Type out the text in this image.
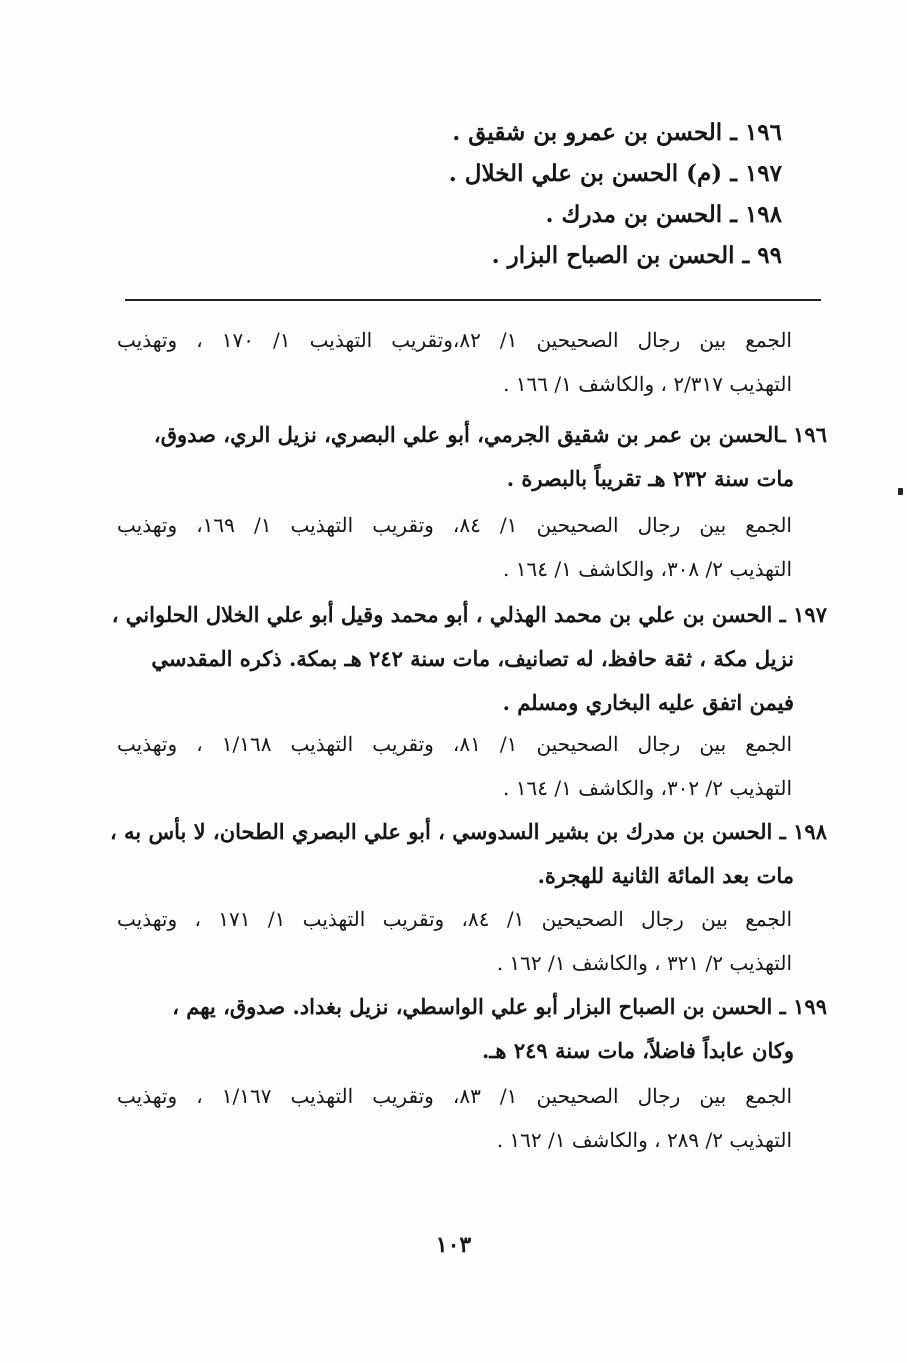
١٩٦ ـ الحسن بن عمرو بن شقيق .
١٩٧ ـ (م) الحسن بن علي الخلال .
١٩٨ ـ الحسن بن مدرك .
٩٩ ـ الحسن بن الصباح البزار .
الجمع بين رجال الصحيحين ١/ ٨٢،وتقريب التهذيب ١/ ١٧٠ ، وتهذيب
التهذيب ٢/٣١٧ ، والكاشف ١/ ١٦٦ .
١٩٦ ـالحسن بن عمر بن شقيق الجرمي، أبو علي البصري، نزيل الري، صدوق،
مات سنة ٢٣٢ هـ تقريباً بالبصرة .
الجمع بين رجال الصحيحين ١/ ٨٤، وتقريب التهذيب ١/ ١٦٩، وتهذيب
التهذيب ٢/ ٣٠٨، والكاشف ١/ ١٦٤ .
١٩٧ ـ الحسن بن علي بن محمد الهذلي ، أبو محمد وقيل أبو علي الخلال الحلواني ،
نزيل مكة ، ثقة حافظ، له تصانيف، مات سنة ٢٤٢ هـ بمكة. ذكره المقدسي
فيمن اتفق عليه البخاري ومسلم .
الجمع بين رجال الصحيحين ١/ ٨١، وتقريب التهذيب ١/١٦٨ ، وتهذيب
التهذيب ٢/ ٣٠٢، والكاشف ١/ ١٦٤ .
١٩٨ ـ الحسن بن مدرك بن بشير السدوسي ، أبو علي البصري الطحان، لا بأس به ،
مات بعد المائة الثانية للهجرة.
الجمع بين رجال الصحيحين ١/ ٨٤، وتقريب التهذيب ١/ ١٧١ ، وتهذيب
التهذيب ٢/ ٣٢١ ، والكاشف ١/ ١٦٢ .
١٩٩ ـ الحسن بن الصباح البزار أبو علي الواسطي، نزيل بغداد. صدوق، يهم ،
وكان عابداً فاضلاً، مات سنة ٢٤٩ هـ.
الجمع بين رجال الصحيحين ١/ ٨٣، وتقريب التهذيب ١/١٦٧ ، وتهذيب
التهذيب ٢/ ٢٨٩ ، والكاشف ١/ ١٦٢ .
١٠٣
